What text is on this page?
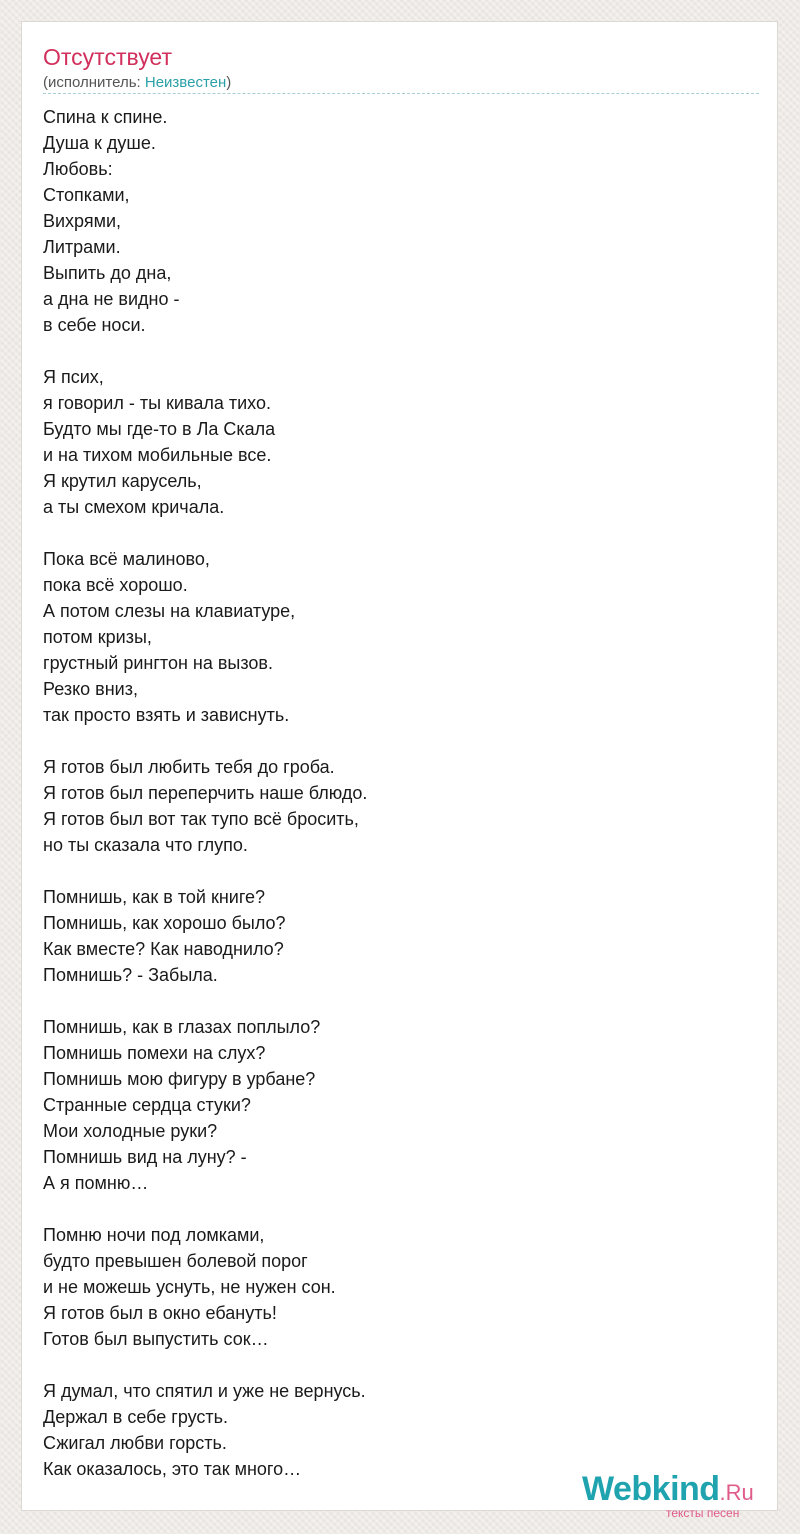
Отсутствует
(исполнитель: Неизвестен)
Спина к спине.
Душа к душе.
Любовь:
Стопками,
Вихрями,
Литрами.
Выпить до дна,
а дна не видно -
в себе носи.
Я псих,
я говорил - ты кивала тихо.
Будто мы где-то в Ла Скала
и на тихом мобильные все.
Я крутил карусель,
а ты смехом кричала.
Пока всё малиново,
пока всё хорошо.
А потом слезы на клавиатуре,
потом кризы,
грустный рингтон на вызов.
Резко вниз,
так просто взять и зависнуть.
Я готов был любить тебя до гроба.
Я готов был переперчить наше блюдо.
Я готов был вот так тупо всё бросить,
но ты сказала что глупо.
Помнишь, как в той книге?
Помнишь, как хорошо было?
Как вместе? Как наводнило?
Помнишь? - Забыла.
Помнишь, как в глазах поплыло?
Помнишь помехи на слух?
Помнишь мою фигуру в урбане?
Странные сердца стуки?
Мои холодные руки?
Помнишь вид на луну? -
А я помню…
Помню ночи под ломками,
будто превышен болевой порог
и не можешь уснуть, не нужен сон.
Я готов был в окно ебануть!
Готов был выпустить сок…
Я думал, что спятил и уже не вернусь.
Держал в себе грусть.
Сжигал любви горсть.
Как оказалось, это так много…
Webkind.Ru
тексты песен
